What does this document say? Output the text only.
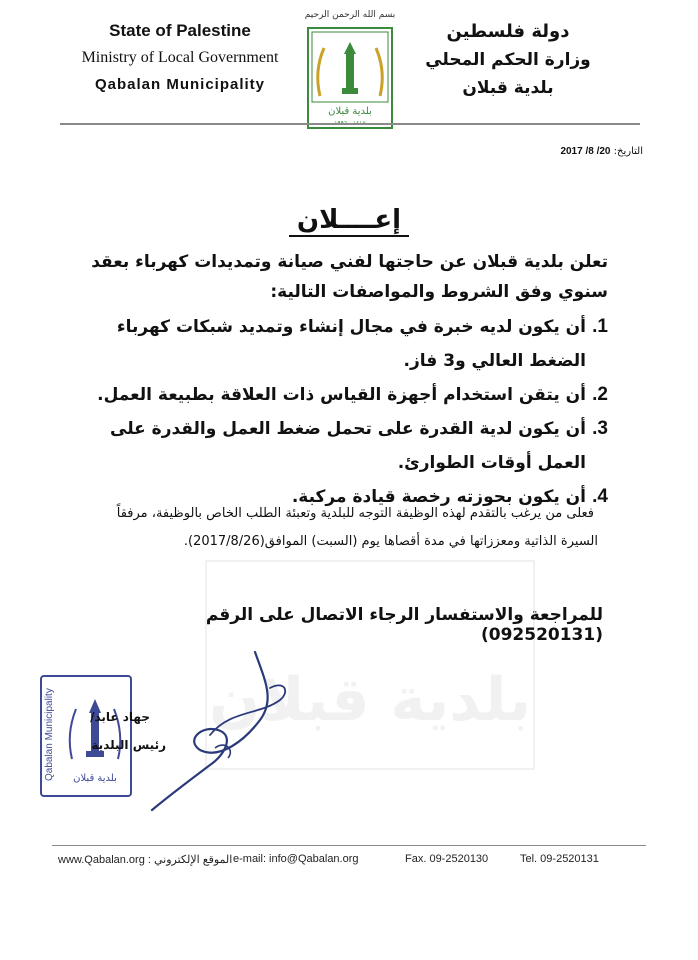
State of Palestine
Ministry of Local Government
Qabalan Municipality
بسم الله الرحمن الرحيم
بلدية قبلان
١٤١٧ ـ ١٩٩٦
دولة فلسطين
وزارة الحكم المحلي
بلدية قبلان
التاريخ: 2017 /8 /20
بلدية قبلان
إعــــلان
تعلن بلدية قبلان عن حاجتها لفني صيانة وتمديدات كهرباء بعقد سنوي وفق الشروط والمواصفات التالية:
1.
أن يكون لديه خبرة في مجال إنشاء وتمديد شبكات كهرباء الضغط العالي و3 فاز.
2.
أن يتقن استخدام أجهزة القياس ذات العلاقة بطبيعة العمل.
3.
أن يكون لدية القدرة على تحمل ضغط العمل والقدرة على العمل أوقات الطوارئ.
4.
أن يكون بحوزته رخصة قيادة مركبة.
فعلى من يرغب بالتقدم لهذه الوظيفة التوجه للبلدية وتعبئة الطلب الخاص بالوظيفة، مرفقاً السيرة الذاتية ومعززاتها في مدة أقصاها يوم (السبت) الموافق(2017/8/26).
للمراجعة والاستفسار الرجاء الاتصال على الرقم (092520131)
Qabalan Municipality	بلدية قبلان
جهاد عابد/
رئيس البلدية
www.Qabalan.org : الموقع الإلكتروني e-mail: info@Qabalan.org	Fax. 09-2520130	Tel. 09-2520131
